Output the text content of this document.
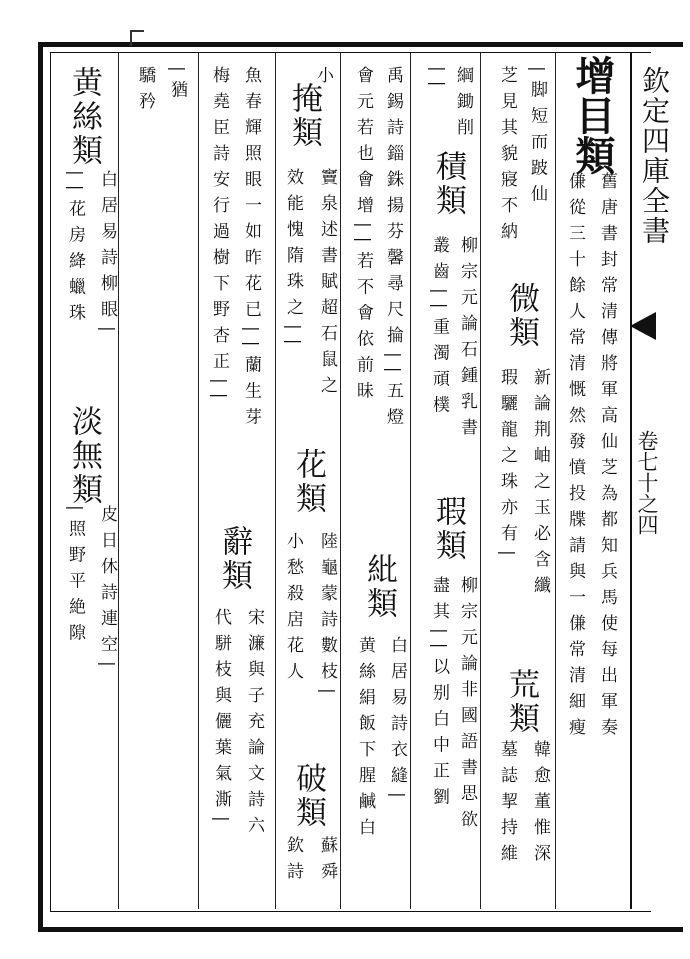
欽定四庫全書
卷七十之四
增目類
舊唐書封常清傳將軍高仙芝為都知兵馬使每出軍奏
傔從三十餘人常清慨然發憤投牒請與一傔常清細瘦
|脚短而跛仙
芝見其貌寢不納
微類
新論荆岫之玉必含纖
瑕驪龍之珠亦有|
荒類
韓愈董惟深
墓誌挈持維
綱鋤削
||
積類
柳宗元論石鍾乳書
叢齒||重濁頑樸
瑕類
柳宗元論非國語書思欲
盡其||以别白中正劉
禹錫詩錙銖揚芬馨尋尺掄||五燈
會元若也會增||若不會依前昧
紕類
白居易詩衣縫|
黄絲絹飯下腥鹹白
小
掩類
竇泉述書賦超石鼠之
效能愧隋珠之||
花類
陸龜蒙詩數枝|
小愁殺扂花人
破類
蘇舜
欽詩
魚春輝照眼一如昨花已||蘭生芽
梅堯臣詩安行過樹下野杏正||
辭類
宋濂與子充論文詩六
代駢枝與儷葉氣澌|
|猶
驕矜
黄絲類
白居易詩柳眼|
||花房絳蠟珠
淡無類
皮日休詩連空|
|照野平絶隙
